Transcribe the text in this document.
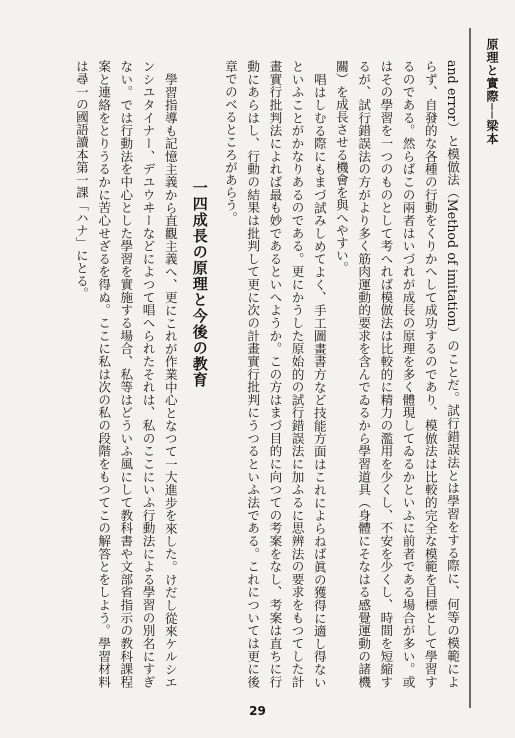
原理と實際──梁本

and error）と模倣法（Method of imitation）のことだ。試行錯誤法とは學習をする際に、何等の模範によらず、自發的な各種の行動をくりかへして成功するのであり、模倣法は比較的完全な模範を目標として學習するのである。然らばこの兩者はいづれが成長の原理を多く體現してゐるかといふに前者である場合が多い。或はその學習を一つのものとして考へれば模倣法は比較的に精力の濫用を少くし、不安を少くし、時間を短縮するが、試行錯誤法の方がより多く筋肉運動的要求を含んでゐるから學習道具（身體にそなはる感覺運動の諸機關）を成長させる機會を與へやすい。

唱はしむる際にもまづ試みしめてよく、手工圖畫書方など技能方面はこれによらねば眞の獲得に適し得ないといふことがかなりあるのである。更にかうした原始的の試行錯誤法に加ふるに思辨法の要求をもつてした計畫實行批判法によれば最も妙であるといへようか。この方はまづ目的に向つての考案をなし、考案は直ちに行動にあらはし、行動の結果は批判して更に次の計畫實行批判にうつるといふ法である。これについては更に後章でのべるところがあらう。

一四成長の原理と今後の教育

學習指導も記憶主義から直觀主義へ、更にこれが作業中心となつて一大進步を來した。けだし從來ケルシエンシユタイナー、デユウヰーなどによつて唱へられたそれは、私のここにいふ行動法による學習の別名にすぎない。では行動法を中心とした學習を實施する場合、私等はどういふ風にして教科書や文部省指示の教科課程案と連絡をとりうるかに苦心せざるを得ぬ。ここに私は次の私の段階をもつてこの解答とをしよう。學習材料は尋一の國語讀本第一課「ハナ」にとる。

29
